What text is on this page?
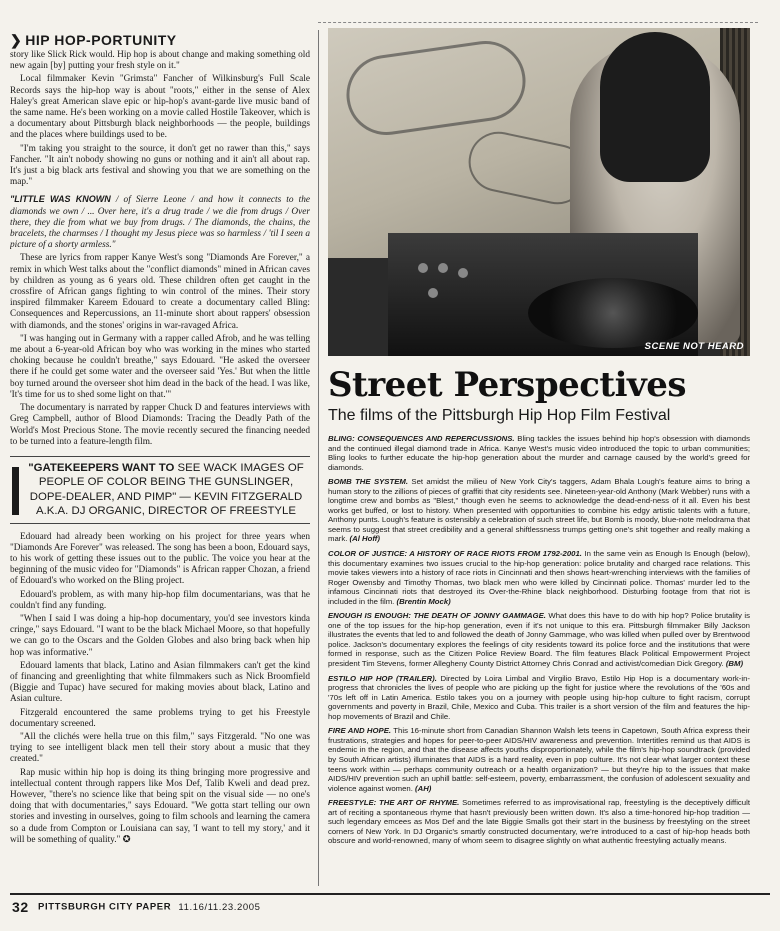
❯ HIP HOP-PORTUNITY

story like Slick Rick would. Hip hop is about change and making something old new again [by] putting your fresh style on it."

Local filmmaker Kevin "Grimsta" Fancher of Wilkinsburg's Full Scale Records says the hip-hop way is about "roots," either in the sense of Alex Haley's great American slave epic or hip-hop's avant-garde live music band of the same name. He's been working on a movie called Hostile Takeover, which is a documentary about Pittsburgh black neighborhoods — the people, buildings and the places where buildings used to be.

"I'm taking you straight to the source, it don't get no rawer than this," says Fancher. "It ain't nobody showing no guns or nothing and it ain't all about rap. It's just a big black arts festival and showing you that we are something on the map."

"LITTLE WAS KNOWN / of Sierre Leone / and how it connects to the diamonds we own / ... Over here, it's a drug trade / we die from drugs / Over there, they die from what we buy from drugs. / The diamonds, the chains, the bracelets, the charmses / I thought my Jesus piece was so harmless / 'til I seen a picture of a shorty armless."

These are lyrics from rapper Kanye West's song "Diamonds Are Forever," a remix in which West talks about the "conflict diamonds" mined in African caves by children as young as 6 years old. These children often get caught in the crossfire of African gangs fighting to win control of the mines. Their story inspired filmmaker Kareem Edouard to create a documentary called Bling: Consequences and Repercussions, an 11-minute short about rappers' obsession with diamonds, and the stones' origins in war-ravaged Africa.

"I was hanging out in Germany with a rapper called Afrob, and he was telling me about a 6-year-old African boy who was working in the mines who started choking because he couldn't breathe," says Edouard. "He asked the overseer there if he could get some water and the overseer said 'Yes.' But when the little boy turned around the overseer shot him dead in the back of the head. I was like, 'It's time for us to shed some light on that.'"

The documentary is narrated by rapper Chuck D and features interviews with Greg Campbell, author of Blood Diamonds: Tracing the Deadly Path of the World's Most Precious Stone. The movie recently secured the financing needed to be turned into a feature-length film.

"GATEKEEPERS WANT TO SEE WACK IMAGES OF PEOPLE OF COLOR BEING THE GUNSLINGER, DOPE-DEALER, AND PIMP" — KEVIN FITZGERALD A.K.A. DJ ORGANIC, DIRECTOR OF FREESTYLE

Edouard had already been working on his project for three years when "Diamonds Are Forever" was released. The song has been a boon, Edouard says, to his work of getting these issues out to the public. The voice you hear at the beginning of the music video for "Diamonds" is African rapper Chozan, a friend of Edouard's who worked on the Bling project.

Edouard's problem, as with many hip-hop film documentarians, was that he couldn't find any funding.

"When I said I was doing a hip-hop documentary, you'd see investors kinda cringe," says Edouard. "I want to be the black Michael Moore, so that hopefully we can go to the Oscars and the Golden Globes and also bring back when hip hop was informative."

Edouard laments that black, Latino and Asian filmmakers can't get the kind of financing and greenlighting that white filmmakers such as Nick Broomfield (Biggie and Tupac) have secured for making movies about black, Latino and Asian culture.

Fitzgerald encountered the same problems trying to get his Freestyle documentary screened.

"All the clichés were hella true on this film," says Fitzgerald. "No one was trying to see intelligent black men tell their story about a music that they created."

Rap music within hip hop is doing its thing bringing more progressive and intellectual content through rappers like Mos Def, Talib Kweli and dead prez. However, "there's no science like that being spit on the visual side — no one's doing that with documentaries," says Edouard. "We gotta start telling our own stories and investing in ourselves, going to film schools and learning the camera so a dude from Compton or Louisiana can say, 'I want to tell my story,' and it will be something of quality." ✪

SCENE NOT HEARD
Street Perspectives
The films of the Pittsburgh Hip Hop Film Festival

BLING: CONSEQUENCES AND REPERCUSSIONS. Bling tackles the issues behind hip hop's obsession with diamonds and the continued illegal diamond trade in Africa. Kanye West's music video introduced the topic to urban communities; Bling looks to further educate the hip-hop generation about the murder and carnage caused by the world's greed for diamonds.

BOMB THE SYSTEM. Set amidst the milieu of New York City's taggers, Adam Bhala Lough's feature aims to bring a human story to the zillions of pieces of graffiti that city residents see. Nineteen-year-old Anthony (Mark Webber) runs with a longtime crew and bombs as "Blest," though even he seems to acknowledge the dead-end-ness of it all. Even his best works get buffed, or lost to history. When presented with opportunities to combine his edgy artistic talents with a future, Anthony punts. Lough's feature is ostensibly a celebration of such street life, but Bomb is moody, blue-note melodrama that seems to suggest that street credibility and a general shiftlessness trumps getting one's shit together and really making a mark. (Al Hoff)

COLOR OF JUSTICE: A HISTORY OF RACE RIOTS FROM 1792-2001. In the same vein as Enough Is Enough (below), this documentary examines two issues crucial to the hip-hop generation: police brutality and charged race relations. This movie takes viewers into a history of race riots in Cincinnati and then shows heart-wrenching interviews with the families of Roger Owensby and Timothy Thomas, two black men who were killed by Cincinnati police. Thomas' murder led to the infamous Cincinnati riots that destroyed its Over-the-Rhine black neighborhood. Disturbing footage from that riot is included in the film. (Brentin Mock)

ENOUGH IS ENOUGH: THE DEATH OF JONNY GAMMAGE. What does this have to do with hip hop? Police brutality is one of the top issues for the hip-hop generation, even if it's not unique to this era. Pittsburgh filmmaker Billy Jackson illustrates the events that led to and followed the death of Jonny Gammage, who was killed when pulled over by Brentwood police. Jackson's documentary explores the feelings of city residents toward its police force and the institutions that were formed in response, such as the Citizen Police Review Board. The film features Black Political Empowerment Project president Tim Stevens, former Allegheny County District Attorney Chris Conrad and activist/comedian Dick Gregory. (BM)

ESTILO HIP HOP (TRAILER). Directed by Loira Limbal and Virgilio Bravo, Estilo Hip Hop is a documentary work-in-progress that chronicles the lives of people who are picking up the fight for justice where the revolutions of the '60s and '70s left off in Latin America. Estilo takes you on a journey with people using hip-hop culture to fight racism, corrupt governments and poverty in Brazil, Chile, Mexico and Cuba. This trailer is a short version of the film and features the hip-hop movements of Brazil and Chile.

FIRE AND HOPE. This 16-minute short from Canadian Shannon Walsh lets teens in Capetown, South Africa express their frustrations, strategies and hopes for peer-to-peer AIDS/HIV awareness and prevention. Intertitles remind us that AIDS is endemic in the region, and that the disease affects youths disproportionately, while the film's hip-hop soundtrack (provided by South African artists) illuminates that AIDS is a hard reality, even in pop culture. It's not clear what larger context these teens work within — perhaps community outreach or a health organization? — but they're hip to the issues that make AIDS/HIV prevention such an uphill battle: self-esteem, poverty, embarrassment, the confusion of adolescent sexuality and violence against women. (AH)

FREESTYLE: THE ART OF RHYME. Sometimes referred to as improvisational rap, freestyling is the deceptively difficult art of reciting a spontaneous rhyme that hasn't previously been written down. It's also a time-honored hip-hop tradition — such legendary emcees as Mos Def and the late Biggie Smalls got their start in the business by freestyling on the street corners of New York. In DJ Organic's smartly constructed documentary, we're introduced to a cast of hip-hop heads both obscure and world-renowned, many of whom seem to disagree slightly on what authentic freestyling actually means.

32 PITTSBURGH CITY PAPER 11.16/11.23.2005
